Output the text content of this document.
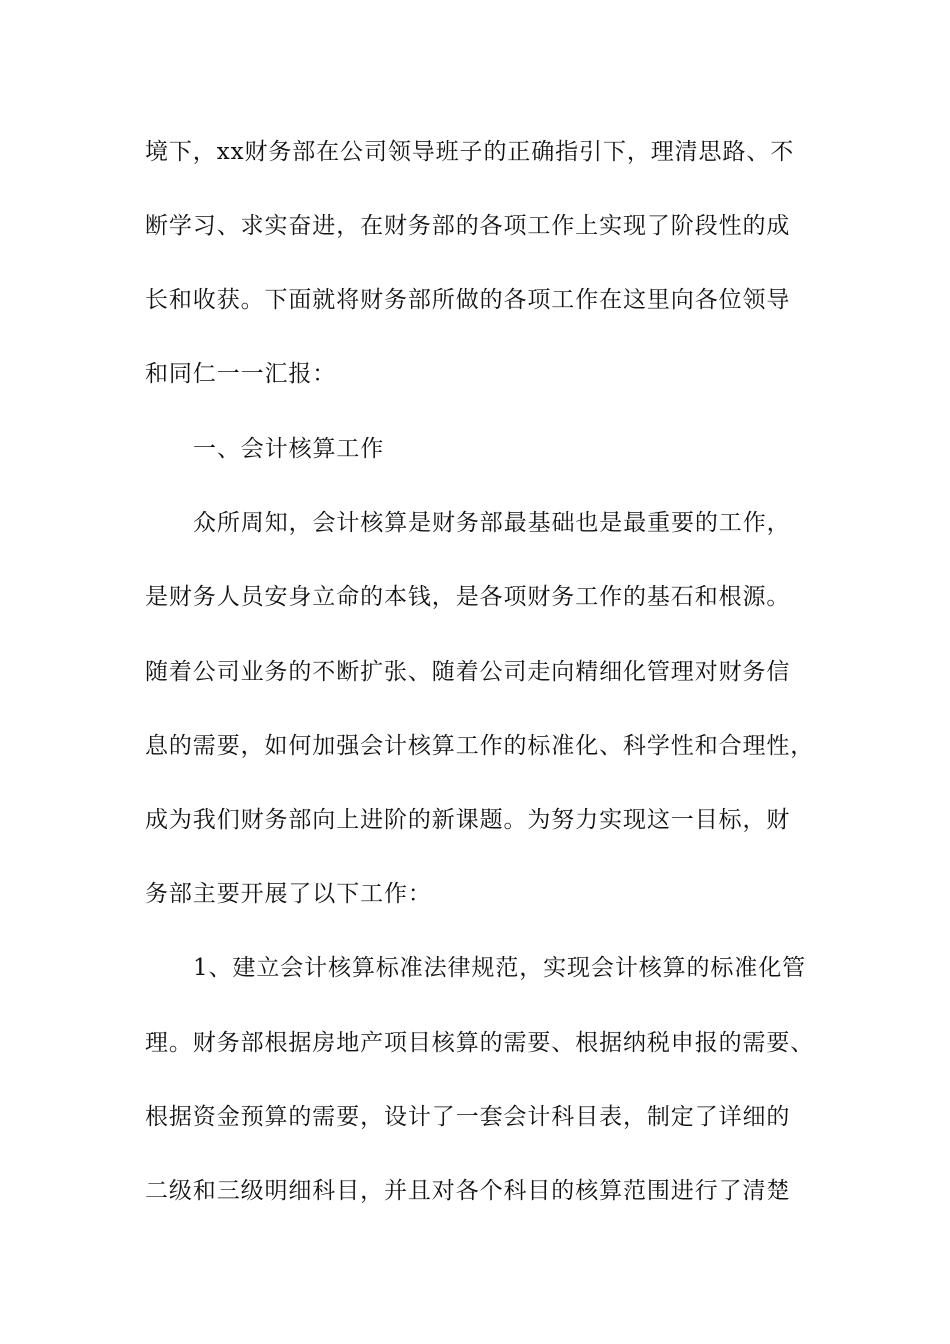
境下，xx财务部在公司领导班子的正确指引下，理清思路、不
断学习、求实奋进，在财务部的各项工作上实现了阶段性的成
长和收获。下面就将财务部所做的各项工作在这里向各位领导
和同仁一一汇报：
一、会计核算工作
众所周知，会计核算是财务部最基础也是最重要的工作，
是财务人员安身立命的本钱，是各项财务工作的基石和根源。
随着公司业务的不断扩张、随着公司走向精细化管理对财务信
息的需要，如何加强会计核算工作的标准化、科学性和合理性，
成为我们财务部向上进阶的新课题。为努力实现这一目标，财
务部主要开展了以下工作：
1、建立会计核算标准法律规范，实现会计核算的标准化管
理。财务部根据房地产项目核算的需要、根据纳税申报的需要、
根据资金预算的需要，设计了一套会计科目表，制定了详细的
二级和三级明细科目，并且对各个科目的核算范围进行了清楚
